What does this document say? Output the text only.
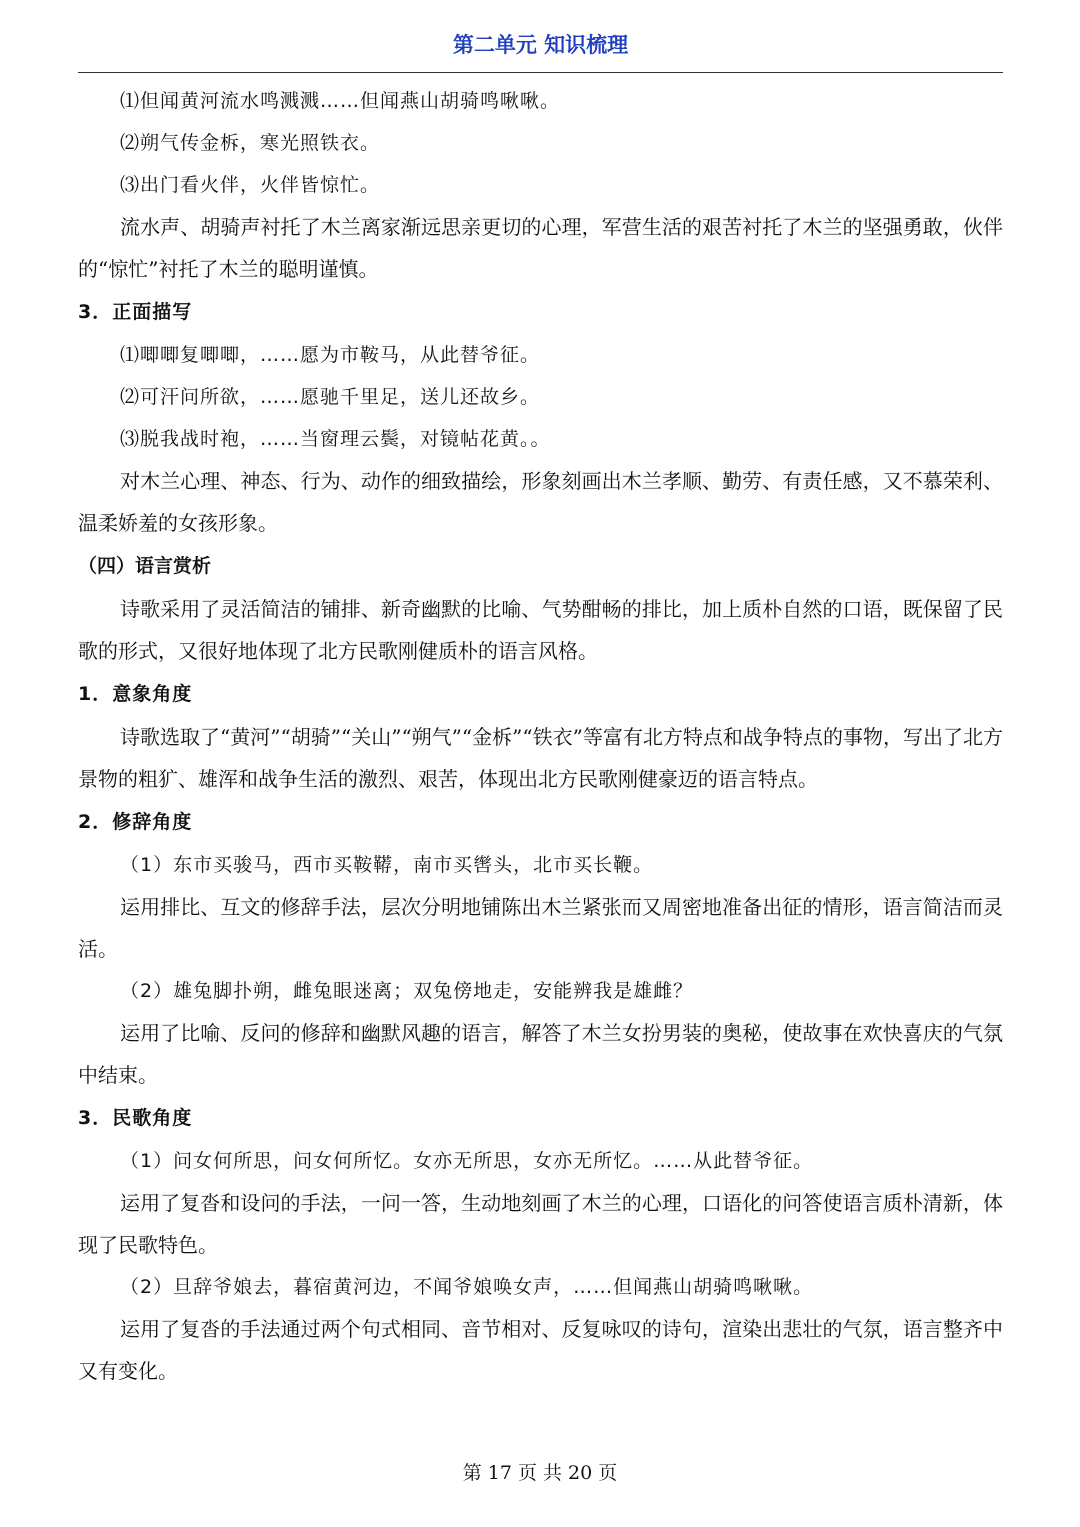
第二单元 知识梳理
⑴但闻黄河流水鸣溅溅……但闻燕山胡骑鸣啾啾。
⑵朔气传金柝，寒光照铁衣。
⑶出门看火伴，火伴皆惊忙。
流水声、胡骑声衬托了木兰离家渐远思亲更切的心理，军营生活的艰苦衬托了木兰的坚强勇敢，伙伴的“惊忙”衬托了木兰的聪明谨慎。
3．正面描写
⑴唧唧复唧唧，……愿为市鞍马，从此替爷征。
⑵可汗问所欲，……愿驰千里足，送儿还故乡。
⑶脱我战时袍，……当窗理云鬓，对镜帖花黄。。
对木兰心理、神态、行为、动作的细致描绘，形象刻画出木兰孝顺、勤劳、有责任感，又不慕荣利、温柔娇羞的女孩形象。
（四）语言赏析
诗歌采用了灵活简洁的铺排、新奇幽默的比喻、气势酣畅的排比，加上质朴自然的口语，既保留了民歌的形式，又很好地体现了北方民歌刚健质朴的语言风格。
1．意象角度
诗歌选取了“黄河”“胡骑”“关山”“朔气”“金柝”“铁衣”等富有北方特点和战争特点的事物，写出了北方景物的粗犷、雄浑和战争生活的激烈、艰苦，体现出北方民歌刚健豪迈的语言特点。
2．修辞角度
（1）东市买骏马，西市买鞍鞯，南市买辔头，北市买长鞭。
运用排比、互文的修辞手法，层次分明地铺陈出木兰紧张而又周密地准备出征的情形，语言简洁而灵活。
（2）雄兔脚扑朔，雌兔眼迷离；双兔傍地走，安能辨我是雄雌？
运用了比喻、反问的修辞和幽默风趣的语言，解答了木兰女扮男装的奥秘，使故事在欢快喜庆的气氛中结束。
3．民歌角度
（1）问女何所思，问女何所忆。女亦无所思，女亦无所忆。……从此替爷征。
运用了复沓和设问的手法，一问一答，生动地刻画了木兰的心理，口语化的问答使语言质朴清新，体现了民歌特色。
（2）旦辞爷娘去，暮宿黄河边，不闻爷娘唤女声，……但闻燕山胡骑鸣啾啾。
运用了复沓的手法通过两个句式相同、音节相对、反复咏叹的诗句，渲染出悲壮的气氛，语言整齐中又有变化。
第 17 页 共 20 页
